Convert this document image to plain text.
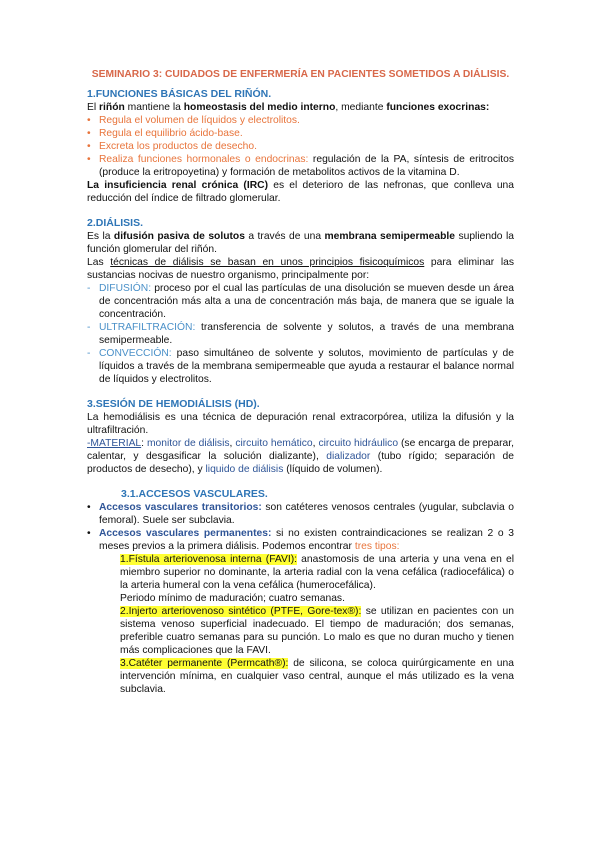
SEMINARIO 3: CUIDADOS DE ENFERMERÍA EN PACIENTES SOMETIDOS A DIÁLISIS.

1.FUNCIONES BÁSICAS DEL RIÑÓN.

El riñón mantiene la homeostasis del medio interno, mediante funciones exocrinas:
• Regula el volumen de líquidos y electrolitos.
• Regula el equilibrio ácido-base.
• Excreta los productos de desecho.
• Realiza funciones hormonales o endocrinas: regulación de la PA, síntesis de eritrocitos (produce la eritropoyetina) y formación de metabolitos activos de la vitamina D.
La insuficiencia renal crónica (IRC) es el deterioro de las nefronas, que conlleva una reducción del índice de filtrado glomerular.

2.DIÁLISIS.

Es la difusión pasiva de solutos a través de una membrana semipermeable supliendo la función glomerular del riñón.
Las técnicas de diálisis se basan en unos principios fisicoquímicos para eliminar las sustancias nocivas de nuestro organismo, principalmente por:
- DIFUSIÓN: proceso por el cual las partículas de una disolución se mueven desde un área de concentración más alta a una de concentración más baja, de manera que se iguale la concentración.
- ULTRAFILTRACIÓN: transferencia de solvente y solutos, a través de una membrana semipermeable.
- CONVECCIÓN: paso simultáneo de solvente y solutos, movimiento de partículas y de líquidos a través de la membrana semipermeable que ayuda a restaurar el balance normal de líquidos y electrolitos.

3.SESIÓN DE HEMODIÁLISIS (HD).

La hemodiálisis es una técnica de depuración renal extracorpórea, utiliza la difusión y la ultrafiltración.
-MATERIAL: monitor de diálisis, circuito hemático, circuito hidráulico (se encarga de preparar, calentar, y desgasificar la solución dializante), dializador (tubo rígido; separación de productos de desecho), y liquido de diálisis (líquido de volumen).

3.1.ACCESOS VASCULARES.

• Accesos vasculares transitorios: son catéteres venosos centrales (yugular, subclavia o femoral). Suele ser subclavia.
• Accesos vasculares permanentes: si no existen contraindicaciones se realizan 2 o 3 meses previos a la primera diálisis. Podemos encontrar tres tipos:
1.Fístula arteriovenosa interna (FAVI): anastomosis de una arteria y una vena en el miembro superior no dominante, la arteria radial con la vena cefálica (radiocefálica) o la arteria humeral con la vena cefálica (humerocefálica).
Periodo mínimo de maduración; cuatro semanas.
2.Injerto arteriovenoso sintético (PTFE, Gore-tex®): se utilizan en pacientes con un sistema venoso superficial inadecuado. El tiempo de maduración; dos semanas, preferible cuatro semanas para su punción. Lo malo es que no duran mucho y tienen más complicaciones que la FAVI.
3.Catéter permanente (Permcath®): de silicona, se coloca quirúrgicamente en una intervención mínima, en cualquier vaso central, aunque el más utilizado es la vena subclavia.
